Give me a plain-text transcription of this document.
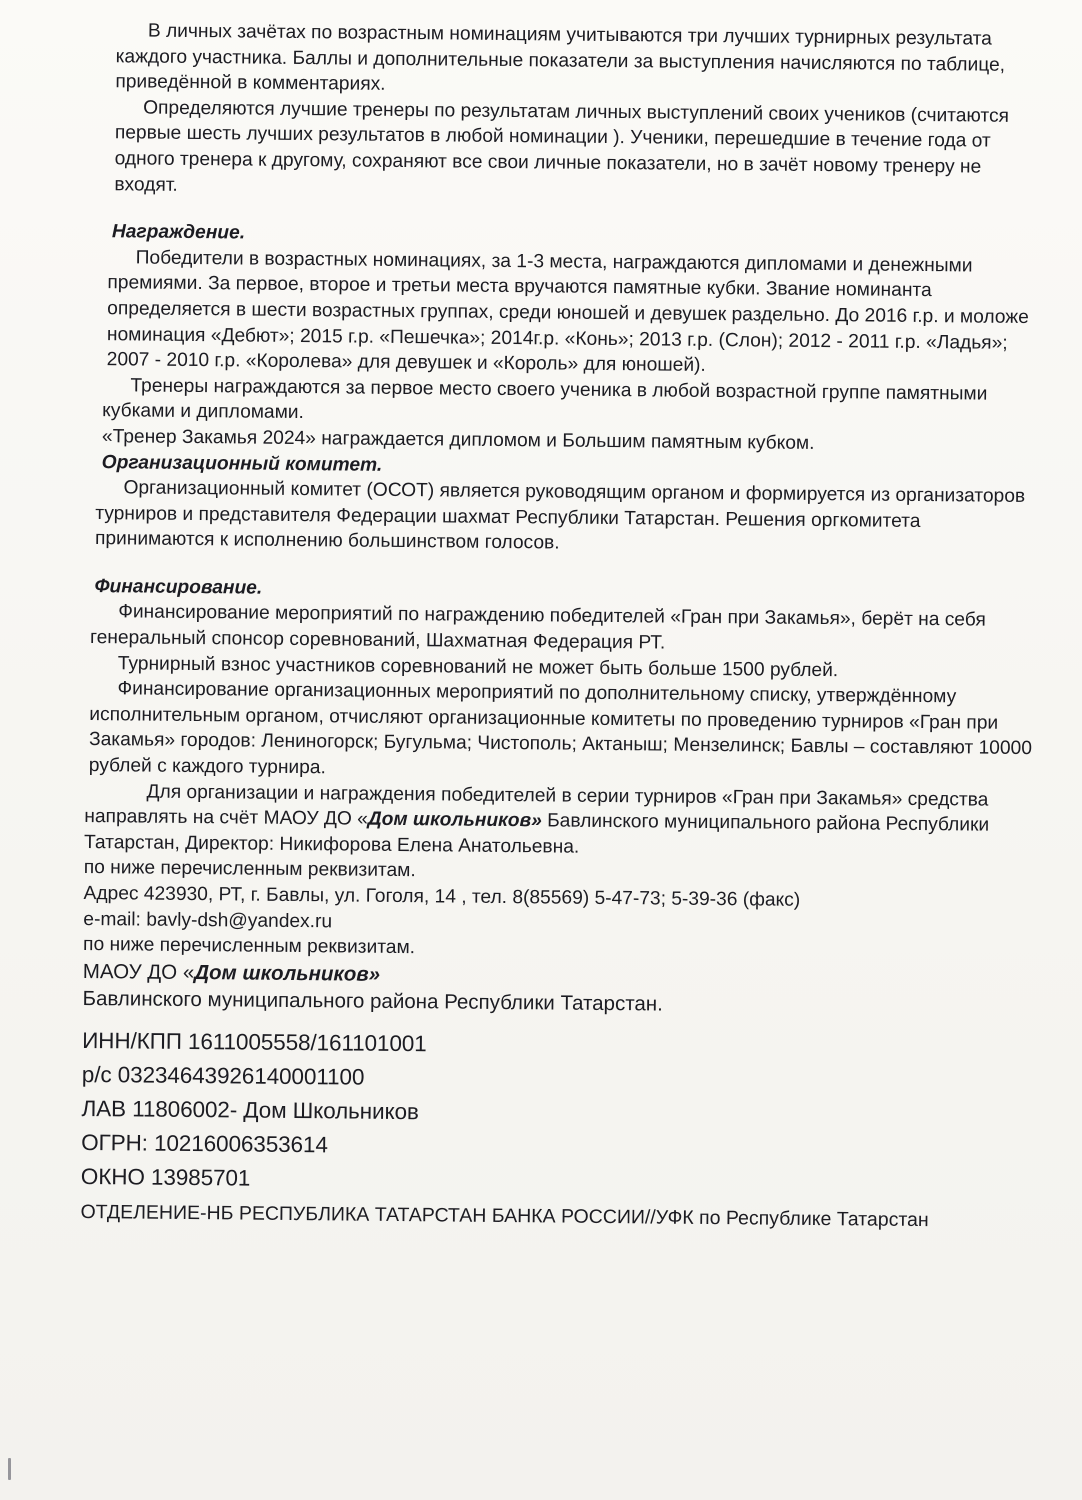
В личных зачётах по возрастным номинациям учитываются три лучших турнирных результата каждого участника. Баллы и дополнительные показатели за выступления начисляются по таблице, приведённой в комментариях.

Определяются лучшие тренеры по результатам личных выступлений своих учеников (считаются первые шесть лучших результатов в любой номинации ). Ученики, перешедшие в течение года от одного тренера к другому, сохраняют все свои личные показатели, но в зачёт новому тренеру не входят.

Награждение.

Победители в возрастных номинациях, за 1-3 места, награждаются дипломами и денежными премиями. За первое, второе и третьи места вручаются памятные кубки. Звание номинанта определяется в шести возрастных группах, среди юношей и девушек раздельно. До 2016 г.р. и моложе номинация «Дебют»; 2015 г.р. «Пешечка»; 2014г.р. «Конь»; 2013 г.р. (Слон); 2012 - 2011 г.р. «Ладья»; 2007 - 2010 г.р. «Королева» для девушек и «Король» для юношей).

Тренеры награждаются за первое место своего ученика в любой возрастной группе памятными кубками и дипломами.

«Тренер Закамья 2024» награждается дипломом и Большим памятным кубком.

Организационный комитет.

Организационный комитет (ОСОТ) является руководящим органом и формируется из организаторов турниров и представителя Федерации шахмат Республики Татарстан. Решения оргкомитета принимаются к исполнению большинством голосов.

Финансирование.

Финансирование мероприятий по награждению победителей «Гран при Закамья», берёт на себя генеральный спонсор соревнований, Шахматная Федерация РТ.

Турнирный взнос участников соревнований не может быть больше 1500 рублей.

Финансирование организационных мероприятий по дополнительному списку, утверждённому исполнительным органом, отчисляют организационные комитеты по проведению турниров «Гран при Закамья» городов: Лениногорск; Бугульма; Чистополь; Актаныш; Мензелинск; Бавлы – составляют 10000 рублей с каждого турнира.

Для организации и награждения победителей в серии турниров «Гран при Закамья» средства направлять на счёт МАОУ ДО «Дом школьников» Бавлинского муниципального района Республики Татарстан, Директор: Никифорова Елена Анатольевна.

по ниже перечисленным реквизитам.

Адрес 423930, РТ, г. Бавлы, ул. Гоголя, 14 , тел. 8(85569) 5-47-73; 5-39-36 (факс)

e-mail: bavly-dsh@yandex.ru

по ниже перечисленным реквизитам.

МАОУ ДО «Дом школьников»

Бавлинского муниципального района Республики Татарстан.

ИНН/КПП 1611005558/161101001

р/с 03234643926140001100

ЛАВ 11806002- Дом Школьников

ОГРН: 10216006353614

ОКНО 13985701

ОТДЕЛЕНИЕ-НБ РЕСПУБЛИКА ТАТАРСТАН БАНКА РОССИИ//УФК по Республике Татарстан
